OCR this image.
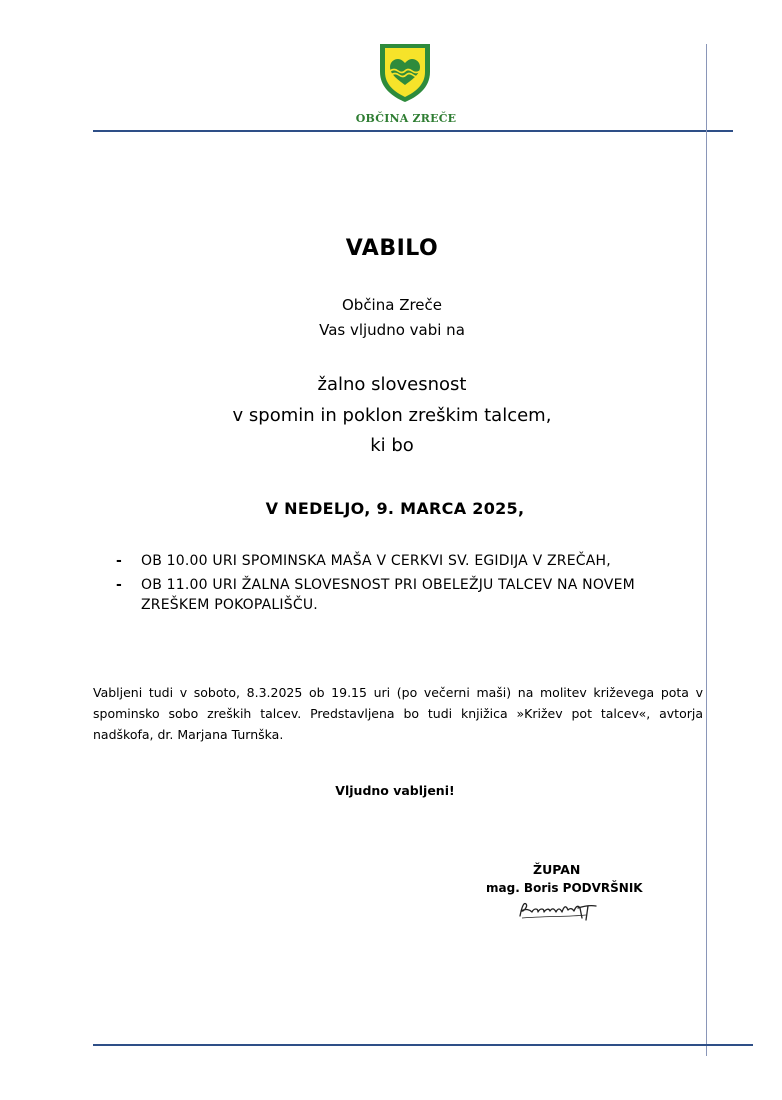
OBČINA ZREČE
VABILO
Občina Zreče
Vas vljudno vabi na
žalno slovesnost
v spomin in poklon zreškim talcem,
ki bo
V NEDELJO, 9. MARCA 2025,
- OB 10.00 URI SPOMINSKA MAŠA V CERKVI SV. EGIDIJA V ZREČAH,
- OB 11.00 URI ŽALNA SLOVESNOST PRI OBELEŽJU TALCEV NA NOVEM ZREŠKEM POKOPALIŠČU.
Vabljeni tudi v soboto, 8.3.2025 ob 19.15 uri (po večerni maši) na molitev križevega pota v spominsko sobo zreških talcev. Predstavljena bo tudi knjižica »Križev pot talcev«, avtorja nadškofa, dr. Marjana Turnška.
Vljudno vabljeni!
ŽUPAN
mag. Boris PODVRŠNIK
